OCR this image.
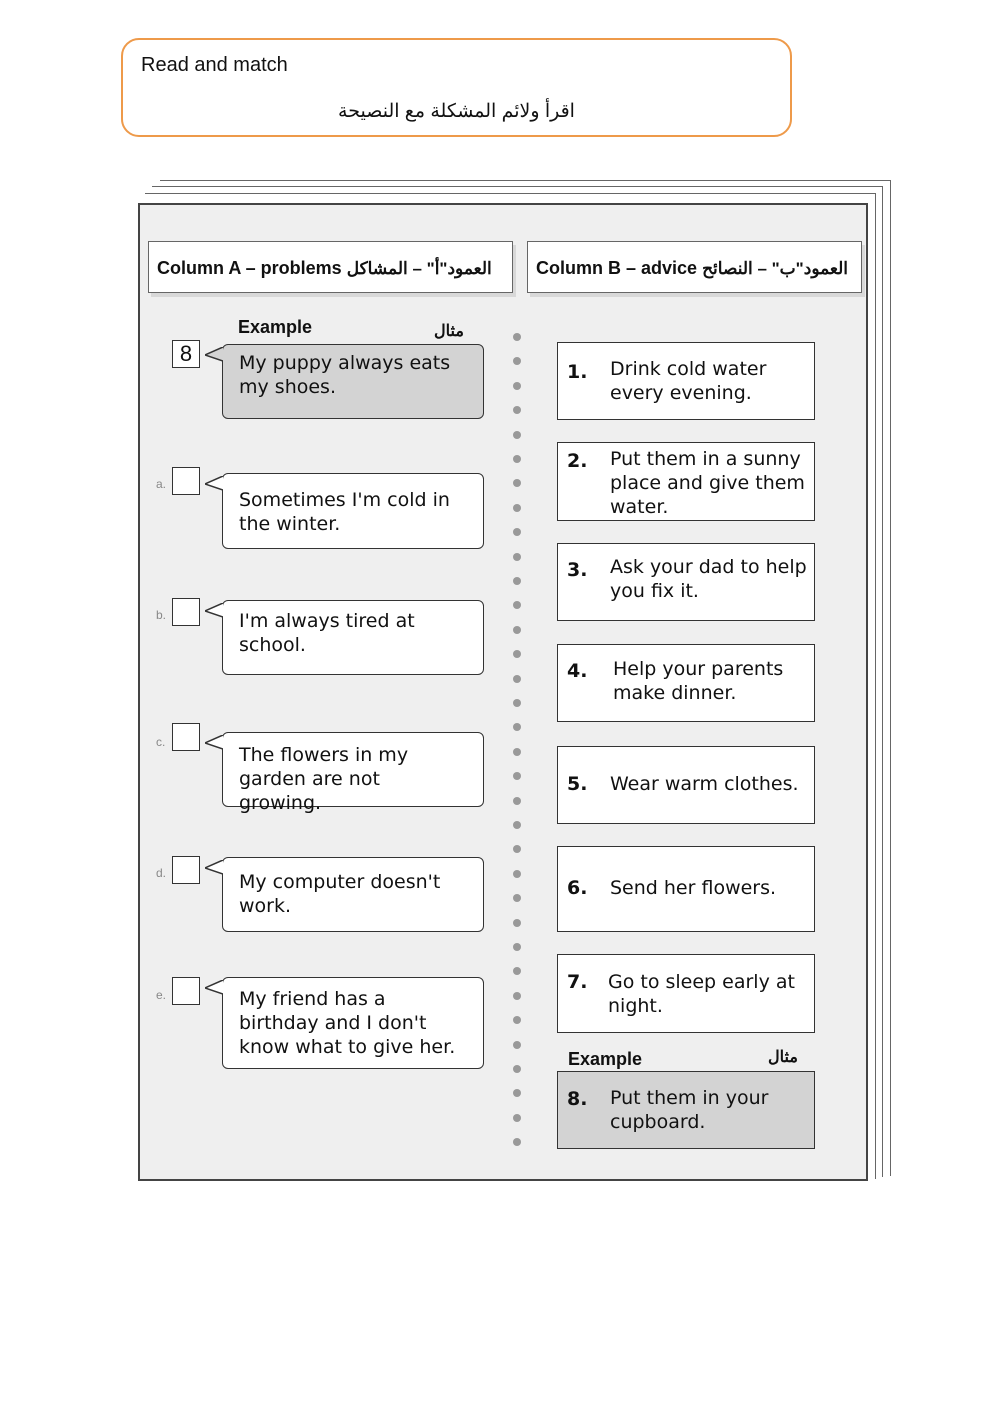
Read and match
اقرأ ولائم المشكلة مع النصيحة
Column A – problems العمود"أ" – المشاكل	Column B – advice العمود"ب" – النصائح
Example	مثال
8	My puppy always eats my shoes.
a.
Sometimes I'm cold in the winter.
b.	I'm always tired at school.
c.
The flowers in my garden are not growing.
d.	My computer doesn't work.
e.	My friend has a birthday and I don't know what to give her.
1. Drink cold water every evening.
2. Put them in a sunny place and give them water.
3. Ask your dad to help you fix it.
4. Help your parents make dinner.
5. Wear warm clothes.
6. Send her flowers.
7. Go to sleep early at night.
Example	مثال
8. Put them in your cupboard.
